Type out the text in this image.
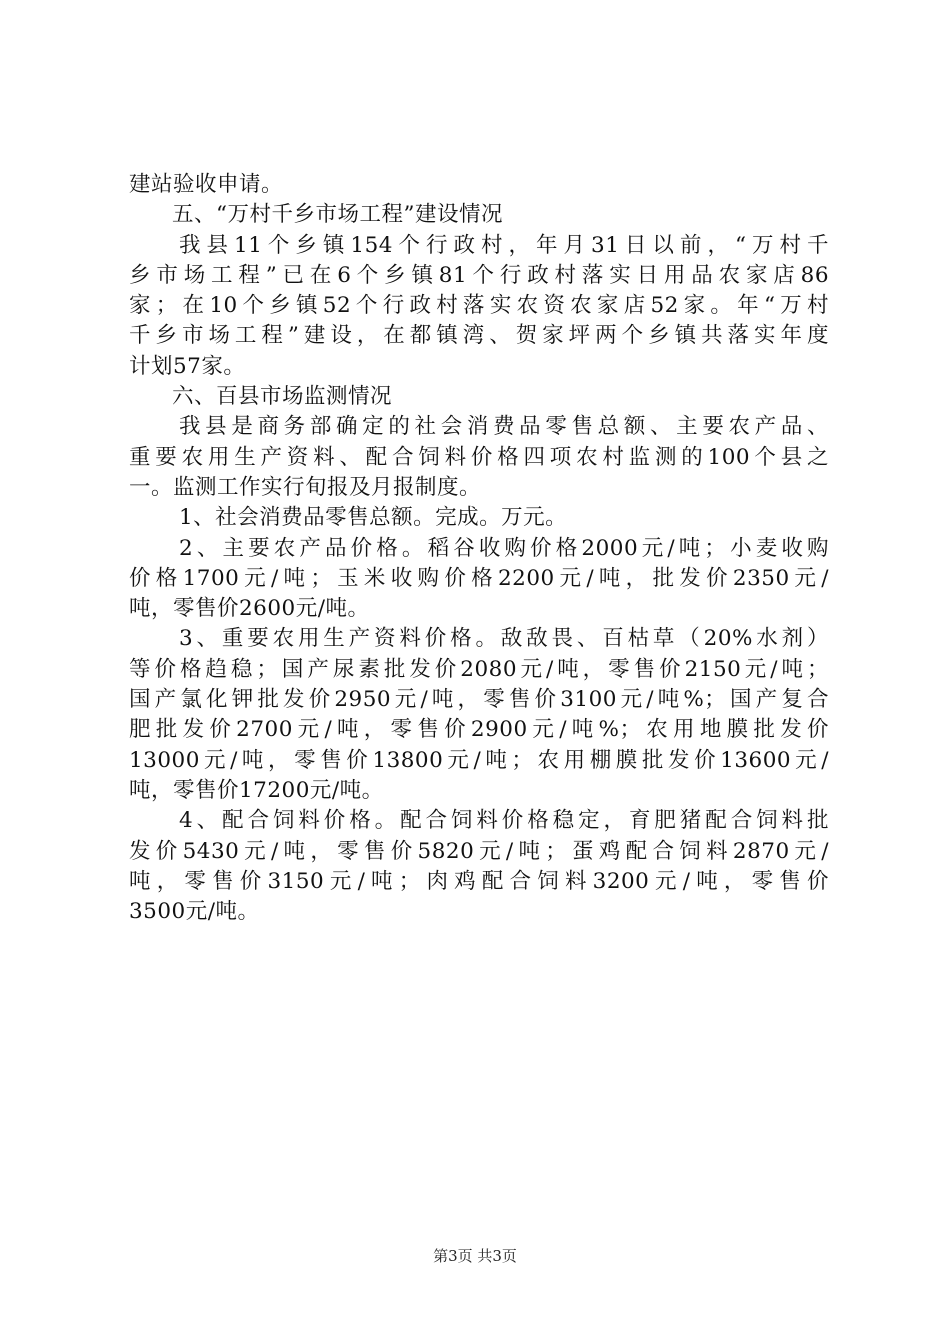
建站验收申请。
五、“万村千乡市场工程”建设情况
我县11个乡镇154个行政村，年月31日以前，“万村千
乡市场工程”已在6个乡镇81个行政村落实日用品农家店86
家；在10个乡镇52个行政村落实农资农家店52家。年“万村
千乡市场工程”建设，在都镇湾、贺家坪两个乡镇共落实年度
计划57家。
六、百县市场监测情况
我县是商务部确定的社会消费品零售总额、主要农产品、
重要农用生产资料、配合饲料价格四项农村监测的100个县之
一。监测工作实行旬报及月报制度。
1、社会消费品零售总额。完成。万元。
2、主要农产品价格。稻谷收购价格2000元/吨；小麦收购
价格1700元/吨；玉米收购价格2200元/吨，批发价2350元/
吨，零售价2600元/吨。
3、重要农用生产资料价格。敌敌畏、百枯草（20%水剂）
等价格趋稳；国产尿素批发价2080元/吨，零售价2150元/吨；
国产氯化钾批发价2950元/吨，零售价3100元/吨%；国产复合
肥批发价2700元/吨，零售价2900元/吨%；农用地膜批发价
13000元/吨，零售价13800元/吨；农用棚膜批发价13600元/
吨，零售价17200元/吨。
4、配合饲料价格。配合饲料价格稳定，育肥猪配合饲料批
发价5430元/吨，零售价5820元/吨；蛋鸡配合饲料2870元/
吨，零售价3150元/吨；肉鸡配合饲料3200元/吨，零售价
3500元/吨。
第3页 共3页
